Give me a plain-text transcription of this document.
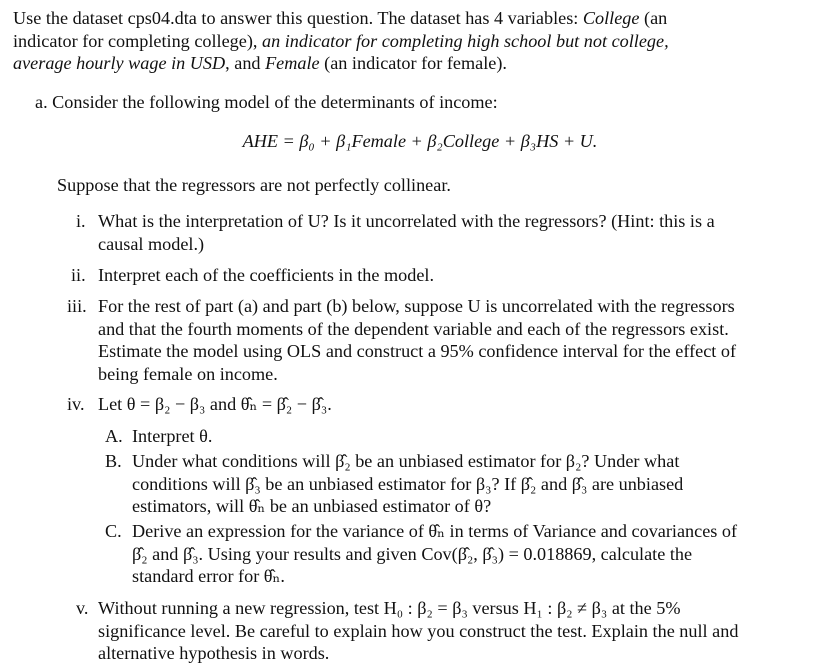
Use the dataset cps04.dta to answer this question. The dataset has 4 variables: College (an
indicator for completing college), an indicator for completing high school but not college,
average hourly wage in USD, and Female (an indicator for female).
a. Consider the following model of the determinants of income:
AHE = β₀ + β₁Female + β₂College + β₃HS + U.
Suppose that the regressors are not perfectly collinear.
i. What is the interpretation of U? Is it uncorrelated with the regressors? (Hint: this is a causal model.)
ii. Interpret each of the coefficients in the model.
iii. For the rest of part (a) and part (b) below, suppose U is uncorrelated with the regressors and that the fourth moments of the dependent variable and each of the regressors exist. Estimate the model using OLS and construct a 95% confidence interval for the effect of being female on income.
iv. Let θ = β₂ − β₃ and θ̂ₙ = β̂₂ − β̂₃.
A. Interpret θ.
B. Under what conditions will β̂₂ be an unbiased estimator for β₂? Under what conditions will β̂₃ be an unbiased estimator for β₃? If β̂₂ and β̂₃ are unbiased estimators, will θ̂ₙ be an unbiased estimator of θ?
C. Derive an expression for the variance of θ̂ₙ in terms of Variance and covariances of β̂₂ and β̂₃. Using your results and given Cov(β̂₂, β̂₃) = 0.018869, calculate the standard error for θ̂ₙ.
v. Without running a new regression, test H₀ : β₂ = β₃ versus H₁ : β₂ ≠ β₃ at the 5% significance level. Be careful to explain how you construct the test. Explain the null and alternative hypothesis in words.
